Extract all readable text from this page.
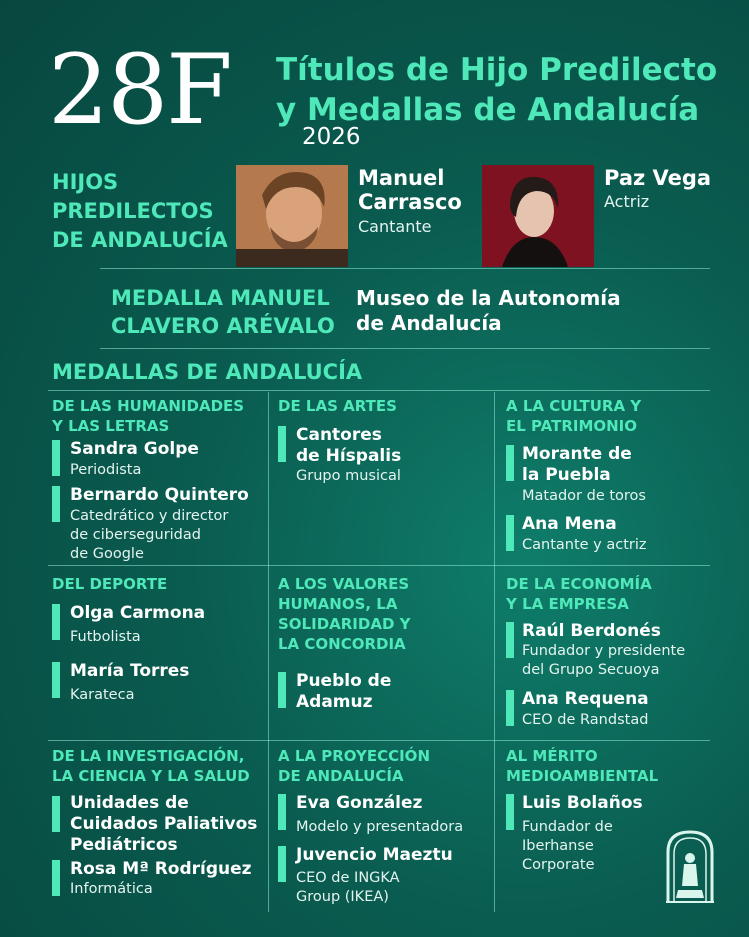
28F Títulos de Hijo Predilecto
y Medallas de Andalucía
2026
HIJOS
PREDILECTOS
DE ANDALUCÍA
Manuel
Carrasco
Cantante
Paz Vega
Actriz
MEDALLA MANUEL
CLAVERO ARÉVALO
Museo de la Autonomía
de Andalucía
MEDALLAS DE ANDALUCÍA
DE LAS HUMANIDADES
Y LAS LETRAS
Sandra Golpe
Periodista
Bernardo Quintero
Catedrático y director
de ciberseguridad
de Google
DE LAS ARTES
Cantores
de Híspalis
Grupo musical
A LA CULTURA Y
EL PATRIMONIO
Morante de
la Puebla
Matador de toros
Ana Mena
Cantante y actriz
DEL DEPORTE
Olga Carmona
Futbolista
María Torres
Karateca
A LOS VALORES
HUMANOS, LA
SOLIDARIDAD Y
LA CONCORDIA
Pueblo de
Adamuz
DE LA ECONOMÍA
Y LA EMPRESA
Raúl Berdonés
Fundador y presidente
del Grupo Secuoya
Ana Requena
CEO de Randstad
DE LA INVESTIGACIÓN,
LA CIENCIA Y LA SALUD
Unidades de
Cuidados Paliativos
Pediátricos
Rosa Mª Rodríguez
Informática
A LA PROYECCIÓN
DE ANDALUCÍA
Eva González
Modelo y presentadora
Juvencio Maeztu
CEO de INGKA
Group (IKEA)
AL MÉRITO
MEDIOAMBIENTAL
Luis Bolaños
Fundador de
Iberhanse
Corporate
